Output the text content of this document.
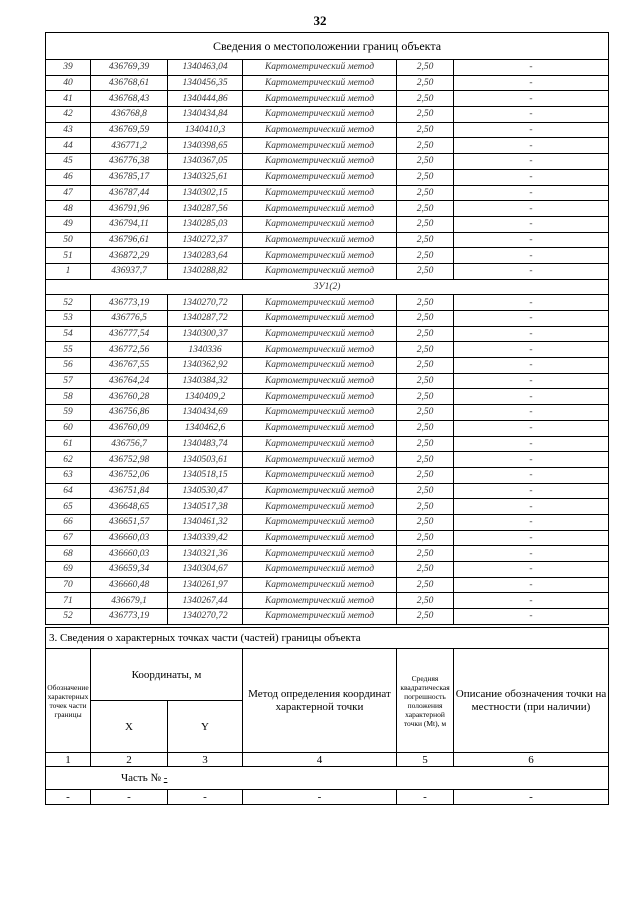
32
Сведения о местоположении границ объекта					
39	436769,39	1340463,04	Картометрический метод	2,50	-
40	436768,61	1340456,35	Картометрический метод	2,50	-
41	436768,43	1340444,86	Картометрический метод	2,50	-
42	436768,8	1340434,84	Картометрический метод	2,50	-
43	436769,59	1340410,3	Картометрический метод	2,50	-
44	436771,2	1340398,65	Картометрический метод	2,50	-
45	436776,38	1340367,05	Картометрический метод	2,50	-
46	436785,17	1340325,61	Картометрический метод	2,50	-
47	436787,44	1340302,15	Картометрический метод	2,50	-
48	436791,96	1340287,56	Картометрический метод	2,50	-
49	436794,11	1340285,03	Картометрический метод	2,50	-
50	436796,61	1340272,37	Картометрический метод	2,50	-
51	436872,29	1340283,64	Картометрический метод	2,50	-
1	436937,7	1340288,82	Картометрический метод	2,50	-
ЗУ1(2)					
52	436773,19	1340270,72	Картометрический метод	2,50	-
53	436776,5	1340287,72	Картометрический метод	2,50	-
54	436777,54	1340300,37	Картометрический метод	2,50	-
55	436772,56	1340336	Картометрический метод	2,50	-
56	436767,55	1340362,92	Картометрический метод	2,50	-
57	436764,24	1340384,32	Картометрический метод	2,50	-
58	436760,28	1340409,2	Картометрический метод	2,50	-
59	436756,86	1340434,69	Картометрический метод	2,50	-
60	436760,09	1340462,6	Картометрический метод	2,50	-
61	436756,7	1340483,74	Картометрический метод	2,50	-
62	436752,98	1340503,61	Картометрический метод	2,50	-
63	436752,06	1340518,15	Картометрический метод	2,50	-
64	436751,84	1340530,47	Картометрический метод	2,50	-
65	436648,65	1340517,38	Картометрический метод	2,50	-
66	436651,57	1340461,32	Картометрический метод	2,50	-
67	436660,03	1340339,42	Картометрический метод	2,50	-
68	436660,03	1340321,36	Картометрический метод	2,50	-
69	436659,34	1340304,67	Картометрический метод	2,50	-
70	436660,48	1340261,97	Картометрический метод	2,50	-
71	436679,1	1340267,44	Картометрический метод	2,50	-
52	436773,19	1340270,72	Картометрический метод	2,50	-
3. Сведения о характерных точках части (частей) границы объекта					
Обозначение характерных точек части границы	Координаты, м		Метод определения координат характерной точки	Средняя квадратическая погрешность положения характерной точки (Mt), м	Описание обозначения точки на местности (при наличии)
	X	Y			
1	2	3	4	5	6
Часть № -					
-	-	-	-	-	-
